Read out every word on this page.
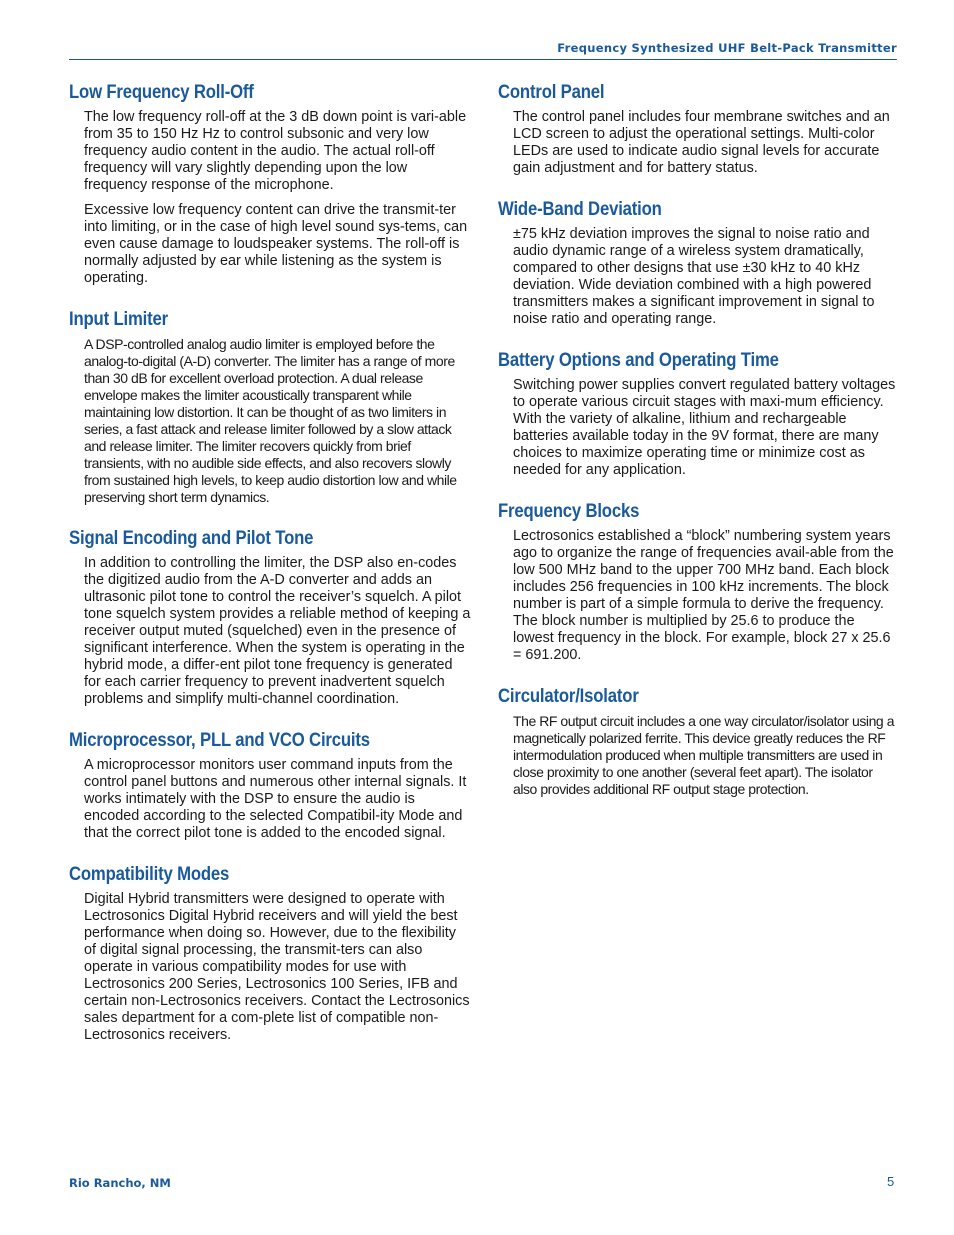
Frequency Synthesized UHF Belt-Pack Transmitter
Low Frequency Roll-Off

The low frequency roll-off at the 3 dB down point is vari-able from 35 to 150 Hz Hz to control subsonic and very low frequency audio content in the audio. The actual roll-off frequency will vary slightly depending upon the low frequency response of the microphone.

Excessive low frequency content can drive the transmit-ter into limiting, or in the case of high level sound sys-tems, can even cause damage to loudspeaker systems. The roll-off is normally adjusted by ear while listening as the system is operating.

Input Limiter

A DSP-controlled analog audio limiter is employed before the analog-to-digital (A-D) converter. The limiter has a range of more than 30 dB for excellent overload protection. A dual release envelope makes the limiter acoustically transparent while maintaining low distortion. It can be thought of as two limiters in series, a fast attack and release limiter followed by a slow attack and release limiter. The limiter recovers quickly from brief transients, with no audible side effects, and also recovers slowly from sustained high levels, to keep audio distortion low and while preserving short term dynamics.

Signal Encoding and Pilot Tone

In addition to controlling the limiter, the DSP also en-codes the digitized audio from the A-D converter and adds an ultrasonic pilot tone to control the receiver’s squelch. A pilot tone squelch system provides a reliable method of keeping a receiver output muted (squelched) even in the presence of significant interference. When the system is operating in the hybrid mode, a differ-ent pilot tone frequency is generated for each carrier frequency to prevent inadvertent squelch problems and simplify multi-channel coordination.

Microprocessor, PLL and VCO Circuits

A microprocessor monitors user command inputs from the control panel buttons and numerous other internal signals. It works intimately with the DSP to ensure the audio is encoded according to the selected Compatibil-ity Mode and that the correct pilot tone is added to the encoded signal.

Compatibility Modes

Digital Hybrid transmitters were designed to operate with Lectrosonics Digital Hybrid receivers and will yield the best performance when doing so. However, due to the flexibility of digital signal processing, the transmit-ters can also operate in various compatibility modes for use with Lectrosonics 200 Series, Lectrosonics 100 Series, IFB and certain non-Lectrosonics receivers. Contact the Lectrosonics sales department for a com-plete list of compatible non-Lectrosonics receivers.

Control Panel

The control panel includes four membrane switches and an LCD screen to adjust the operational settings. Multi-color LEDs are used to indicate audio signal levels for accurate gain adjustment and for battery status.

Wide-Band Deviation

±75 kHz deviation improves the signal to noise ratio and audio dynamic range of a wireless system dramatically, compared to other designs that use ±30 kHz to 40 kHz deviation. Wide deviation combined with a high powered transmitters makes a significant improvement in signal to noise ratio and operating range.

Battery Options and Operating Time

Switching power supplies convert regulated battery voltages to operate various circuit stages with maxi-mum efficiency. With the variety of alkaline, lithium and rechargeable batteries available today in the 9V format, there are many choices to maximize operating time or minimize cost as needed for any application.

Frequency Blocks

Lectrosonics established a “block” numbering system years ago to organize the range of frequencies avail-able from the low 500 MHz band to the upper 700 MHz band. Each block includes 256 frequencies in 100 kHz increments. The block number is part of a simple formula to derive the frequency. The block number is multiplied by 25.6 to produce the lowest frequency in the block. For example, block 27 x 25.6 = 691.200.

Circulator/Isolator

The RF output circuit includes a one way circulator/isolator using a magnetically polarized ferrite. This device greatly reduces the RF intermodulation produced when multiple transmitters are used in close proximity to one another (several feet apart). The isolator also provides additional RF output stage protection.

Rio Rancho, NM	5
